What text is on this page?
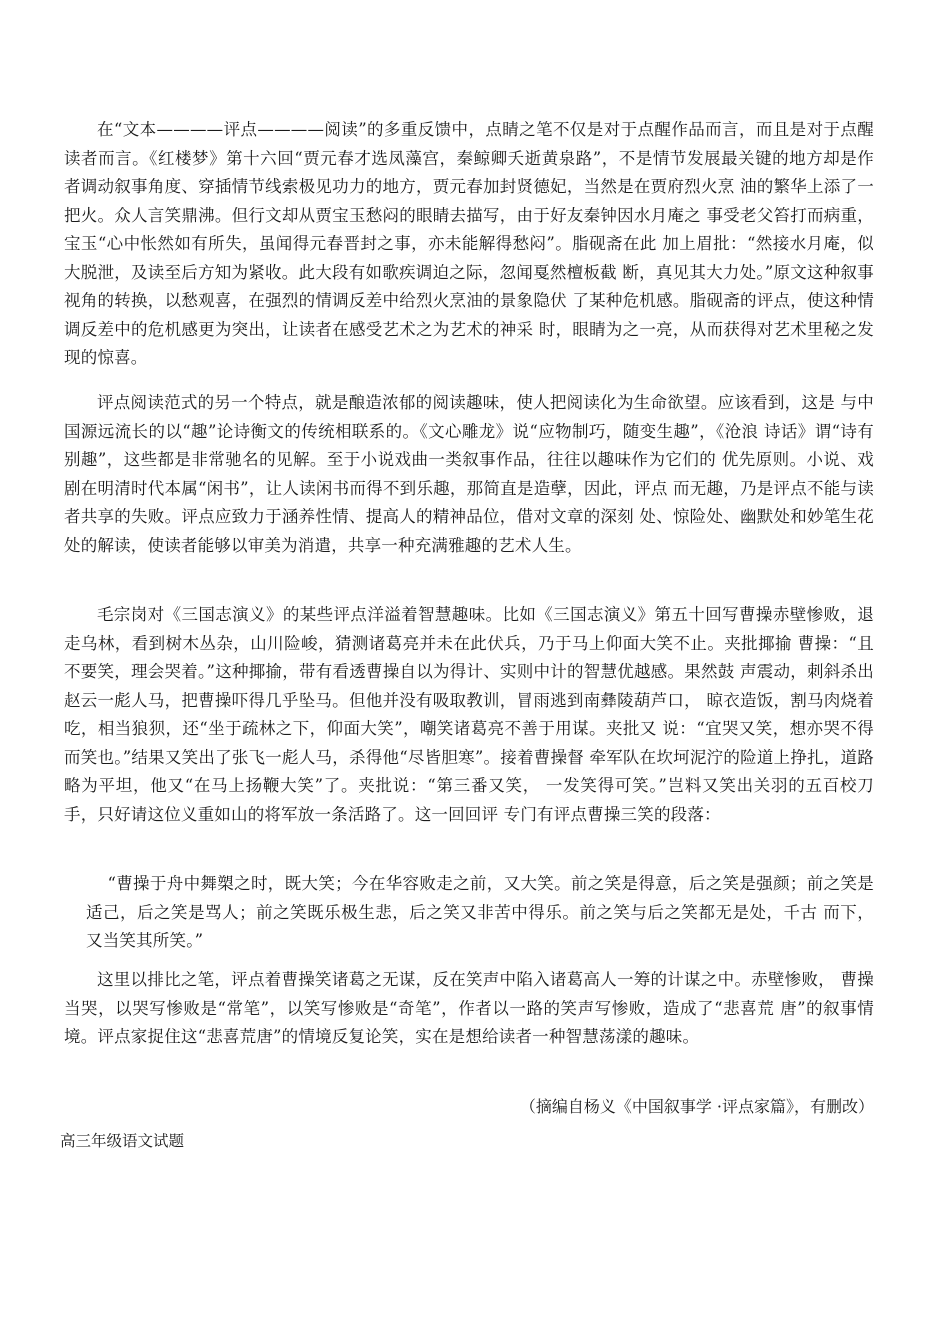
在“文本————评点————阅读”的多重反馈中，点睛之笔不仅是对于点醒作品而言，而且是对于点醒读者而言。《红楼梦》第十六回“贾元春才选凤藻宫，秦鲸卿夭逝黄泉路”，不是情节发展最关键的地方却是作者调动叙事角度、穿插情节线索极见功力的地方，贾元春加封贤德妃，当然是在贾府烈火烹 油的繁华上添了一把火。众人言笑鼎沸。但行文却从贾宝玉愁闷的眼睛去描写，由于好友秦钟因水月庵之 事受老父笞打而病重，宝玉“心中怅然如有所失，虽闻得元春晋封之事，亦未能解得愁闷”。脂砚斋在此 加上眉批：“然接水月庵，似大脱泄，及读至后方知为紧收。此大段有如歌疾调迫之际，忽闻戛然檀板截 断，真见其大力处。”原文这种叙事视角的转换，以愁观喜，在强烈的情调反差中给烈火烹油的景象隐伏 了某种危机感。脂砚斋的评点，使这种情调反差中的危机感更为突出，让读者在感受艺术之为艺术的神采 时，眼睛为之一亮，从而获得对艺术里秘之发现的惊喜。

评点阅读范式的另一个特点，就是酿造浓郁的阅读趣味，使人把阅读化为生命欲望。应该看到，这是 与中国源远流长的以“趣”论诗衡文的传统相联系的。《文心雕龙》说“应物制巧，随变生趣”，《沧浪 诗话》谓“诗有别趣”，这些都是非常驰名的见解。至于小说戏曲一类叙事作品，往往以趣味作为它们的 优先原则。小说、戏剧在明清时代本属“闲书”，让人读闲书而得不到乐趣，那简直是造孽，因此，评点 而无趣，乃是评点不能与读者共享的失败。评点应致力于涵养性情、提高人的精神品位，借对文章的深刻 处、惊险处、幽默处和妙笔生花处的解读，使读者能够以审美为消遣，共享一种充满雅趣的艺术人生。

毛宗岗对《三国志演义》的某些评点洋溢着智慧趣味。比如《三国志演义》第五十回写曹操赤壁惨败，退走乌林，看到树木丛杂，山川险峻，猜测诸葛亮并未在此伏兵，乃于马上仰面大笑不止。夹批揶揄 曹操：“且不要笑，理会哭着。”这种揶揄，带有看透曹操自以为得计、实则中计的智慧优越感。果然鼓 声震动，刺斜杀出赵云一彪人马，把曹操吓得几乎坠马。但他并没有吸取教训，冒雨逃到南彝陵葫芦口， 晾衣造饭，割马肉烧着吃，相当狼狈，还“坐于疏林之下，仰面大笑”，嘲笑诸葛亮不善于用谋。夹批又 说：“宜哭又笑，想亦哭不得而笑也。”结果又笑出了张飞一彪人马，杀得他“尽皆胆寒”。接着曹操督 牵军队在坎坷泥泞的险道上挣扎，道路略为平坦，他又“在马上扬鞭大笑”了。夹批说：“第三番又笑， 一发笑得可笑。”岂料又笑出关羽的五百校刀手，只好请这位义重如山的将军放一条活路了。这一回回评 专门有评点曹操三笑的段落：

“曹操于舟中舞槊之时，既大笑；今在华容败走之前，又大笑。前之笑是得意，后之笑是强颜；前之笑是适己，后之笑是骂人；前之笑既乐极生悲，后之笑又非苦中得乐。前之笑与后之笑都无是处，千古 而下，又当笑其所笑。”

这里以排比之笔，评点着曹操笑诸葛之无谋，反在笑声中陷入诸葛高人一筹的计谋之中。赤壁惨败， 曹操当哭，以哭写惨败是“常笔”，以笑写惨败是“奇笔”，作者以一路的笑声写惨败，造成了“悲喜荒 唐”的叙事情境。评点家捉住这“悲喜荒唐”的情境反复论笑，实在是想给读者一种智慧荡漾的趣味。

（摘编自杨义《中国叙事学 ·评点家篇》，有删改）

高三年级语文试题
